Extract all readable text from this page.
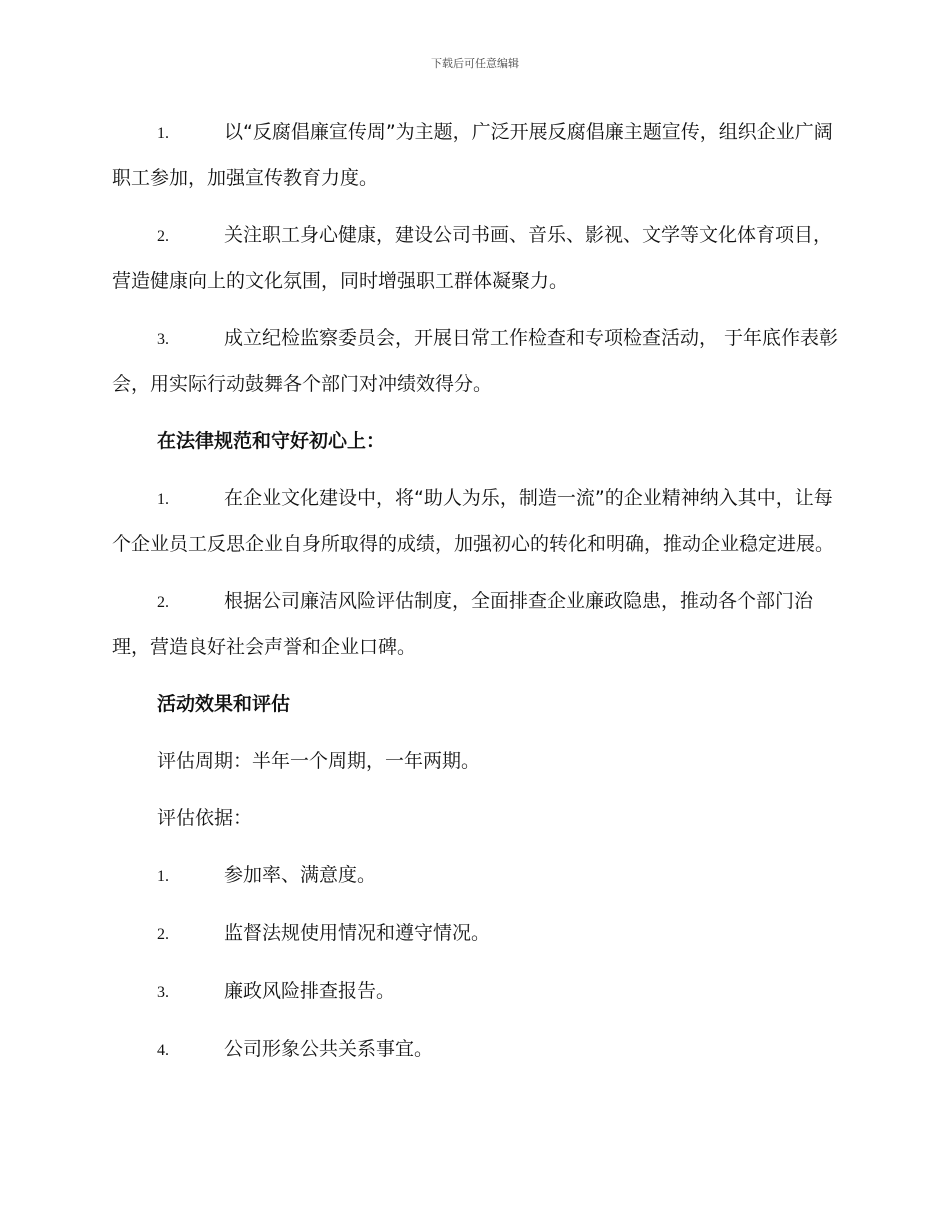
下载后可任意编辑
1.	以“反腐倡廉宣传周”为主题，广泛开展反腐倡廉主题宣传，组织企业广阔职工参加，加强宣传教育力度。
2.	关注职工身心健康，建设公司书画、音乐、影视、文学等文化体育项目，营造健康向上的文化氛围，同时增强职工群体凝聚力。
3.	成立纪检监察委员会，开展日常工作检查和专项检查活动， 于年底作表彰会，用实际行动鼓舞各个部门对冲绩效得分。
在法律规范和守好初心上：
1.	在企业文化建设中，将“助人为乐，制造一流”的企业精神纳入其中，让每个企业员工反思企业自身所取得的成绩，加强初心的转化和明确，推动企业稳定进展。
2.	根据公司廉洁风险评估制度，全面排查企业廉政隐患，推动各个部门治理，营造良好社会声誉和企业口碑。
活动效果和评估
评估周期：半年一个周期，一年两期。
评估依据：
1.	参加率、满意度。
2.	监督法规使用情况和遵守情况。
3.	廉政风险排查报告。
4.	公司形象公共关系事宜。
